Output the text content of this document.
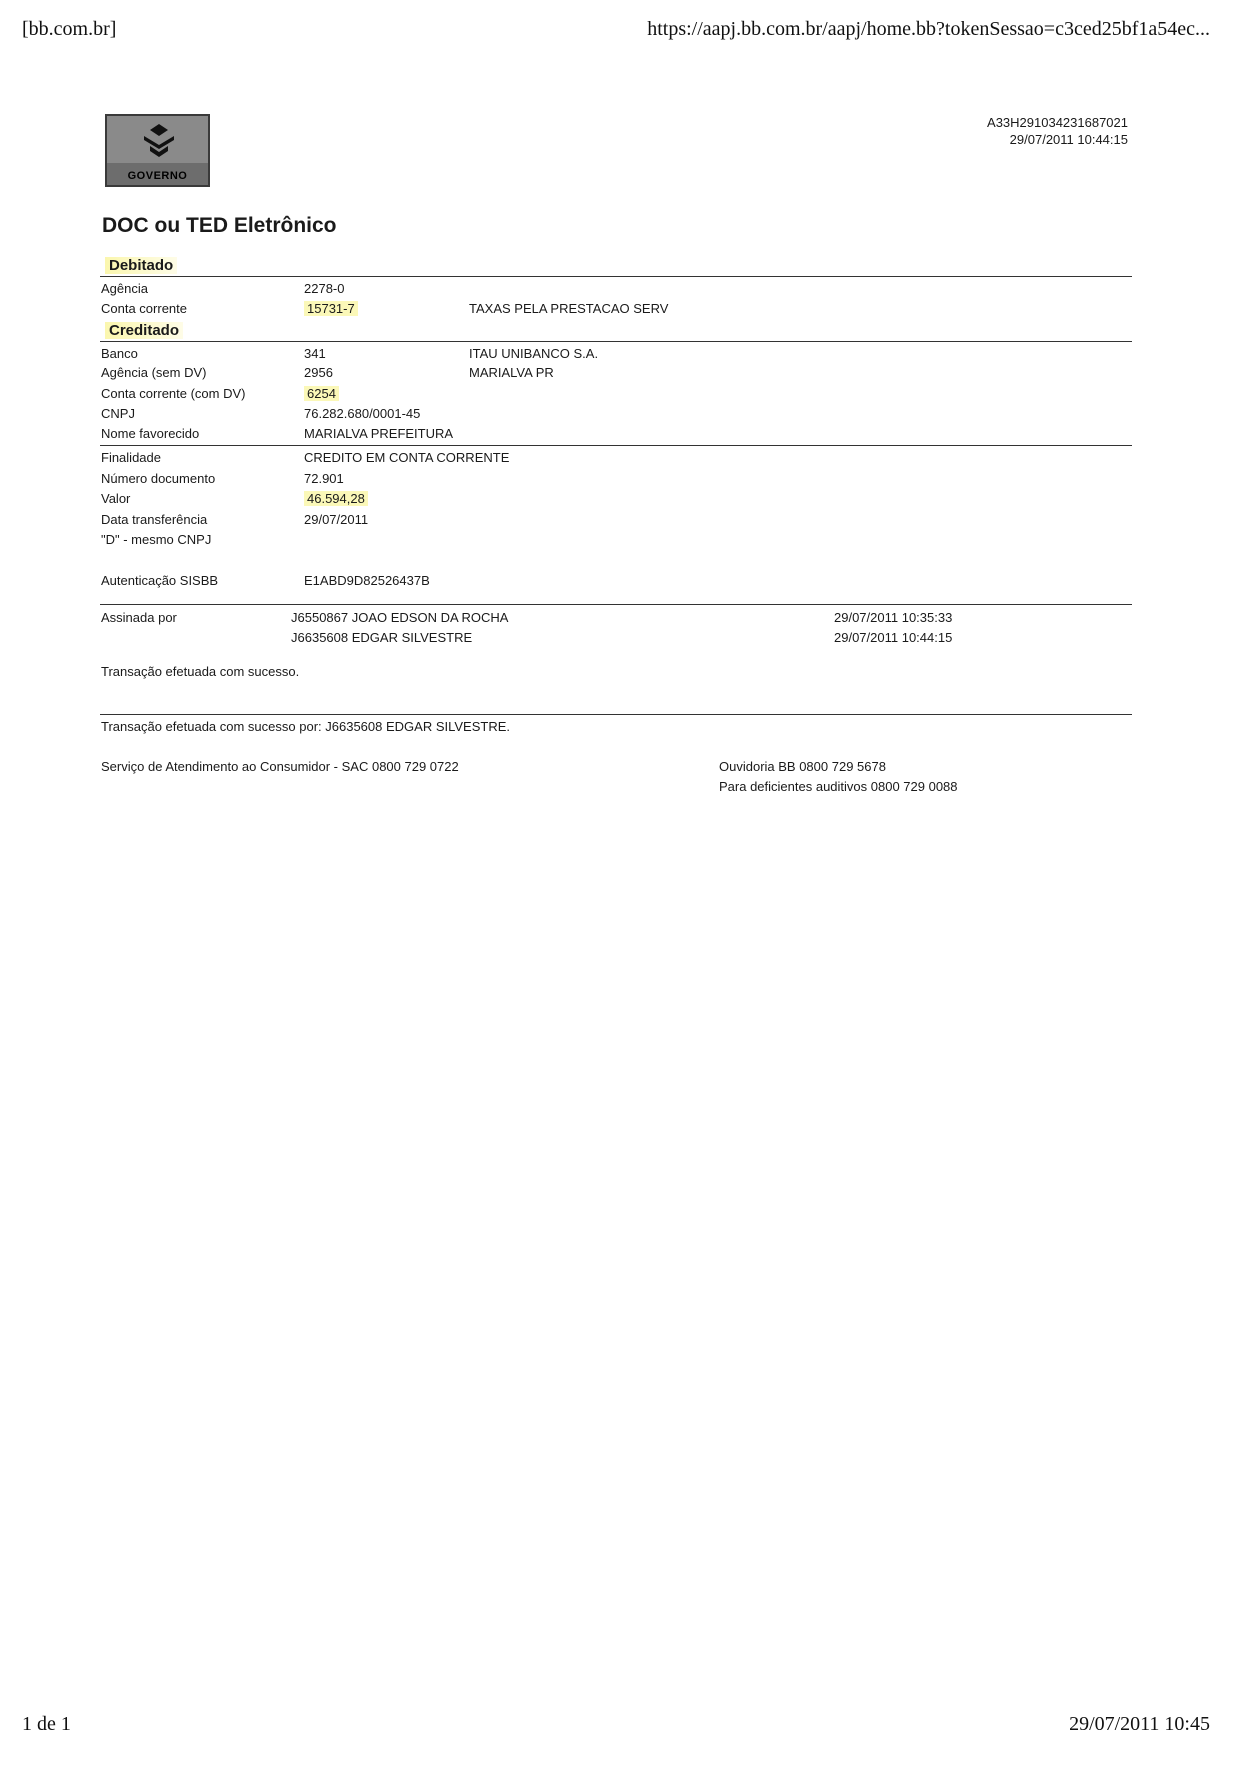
[bb.com.br]	https://aapj.bb.com.br/aapj/home.bb?tokenSessao=c3ced25bf1a54ec...
GOVERNO
A33H291034231687021
29/07/2011 10:44:15
DOC ou TED Eletrônico
Debitado
Agência	2278-0
Conta corrente	15731-7	TAXAS PELA PRESTACAO SERV
Creditado
Banco	341	ITAU UNIBANCO S.A.
Agência (sem DV)	2956	MARIALVA PR
Conta corrente (com DV)	6254
CNPJ	76.282.680/0001-45
Nome favorecido	MARIALVA PREFEITURA
Finalidade	CREDITO EM CONTA CORRENTE
Número documento	72.901
Valor	46.594,28
Data transferência	29/07/2011
"D" - mesmo CNPJ
Autenticação SISBB	E1ABD9D82526437B
Assinada por	J6550867 JOAO EDSON DA ROCHA	29/07/2011 10:35:33
J6635608 EDGAR SILVESTRE	29/07/2011 10:44:15
Transação efetuada com sucesso.
Transação efetuada com sucesso por: J6635608 EDGAR SILVESTRE.
Serviço de Atendimento ao Consumidor - SAC 0800 729 0722	Ouvidoria BB 0800 729 5678
Para deficientes auditivos 0800 729 0088
1 de 1	29/07/2011 10:45
